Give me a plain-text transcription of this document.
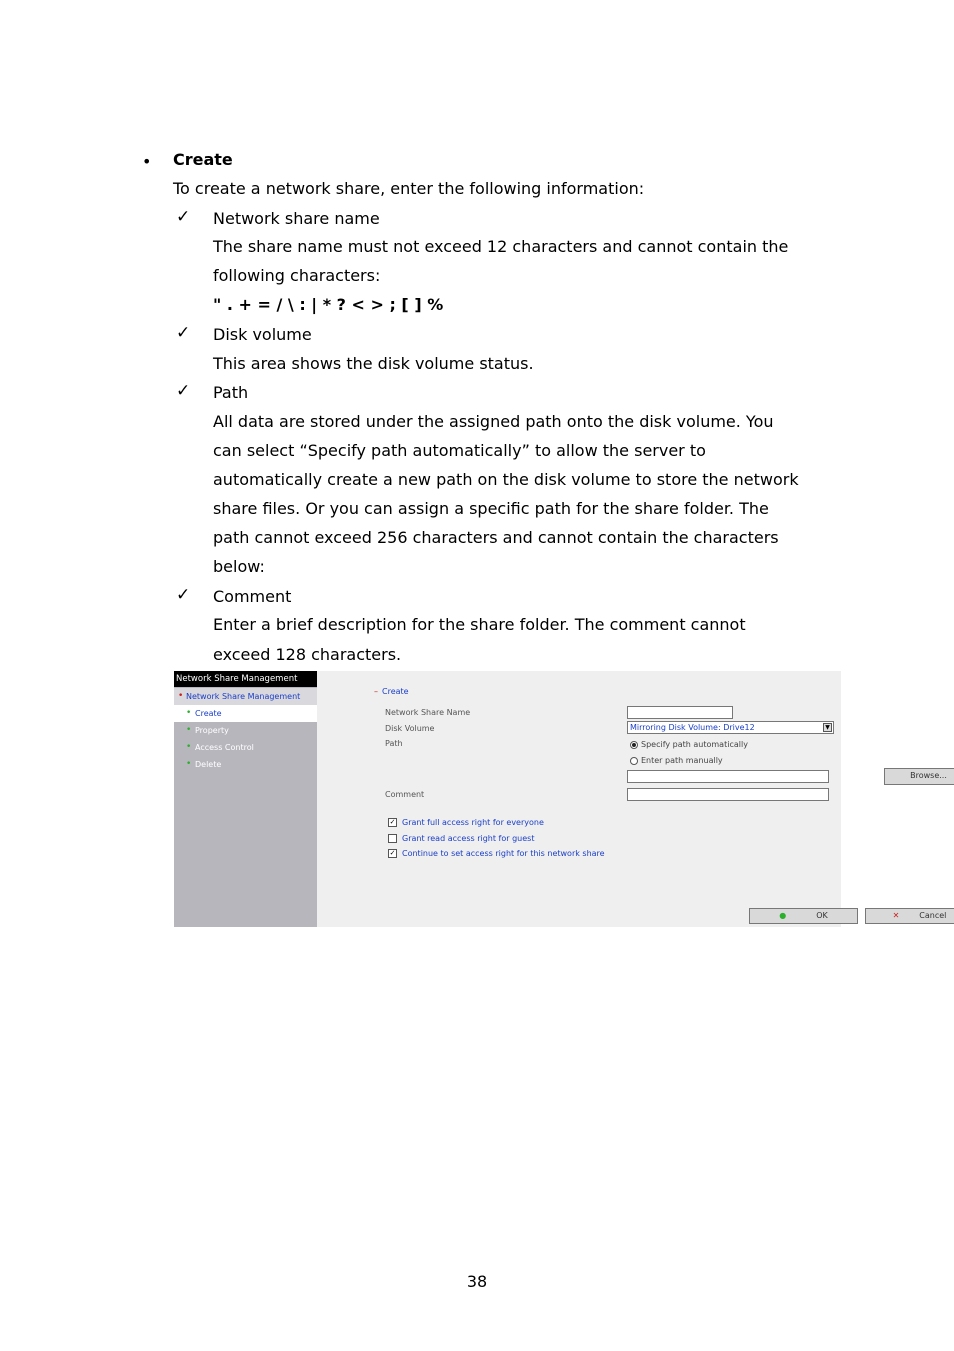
• Create
To create a network share, enter the following information:
✓ Network share name
The share name must not exceed 12 characters and cannot contain the
following characters:
" . + = / \ : | * ? < > ; [ ] %
✓ Disk volume
This area shows the disk volume status.
✓ Path
All data are stored under the assigned path onto the disk volume. You
can select “Specify path automatically” to allow the server to
automatically create a new path on the disk volume to store the network
share files. Or you can assign a specific path for the share folder. The
path cannot exceed 256 characters and cannot contain the characters
below:
✓ Comment
Enter a brief description for the share folder. The comment cannot
exceed 128 characters.
Network Share Management
• Network Share Management
• Create
• Property
• Access Control
• Delete
– Create
Network Share Name
Disk Volume	Mirroring Disk Volume: Drive12	▼
Path	Specify path automatically
Enter path manually
Browse...
Comment
✓ Grant full access right for everyone
Grant read access right for guest
✓ Continue to set access right for this network share
●	OK	✕	Cancel
38
